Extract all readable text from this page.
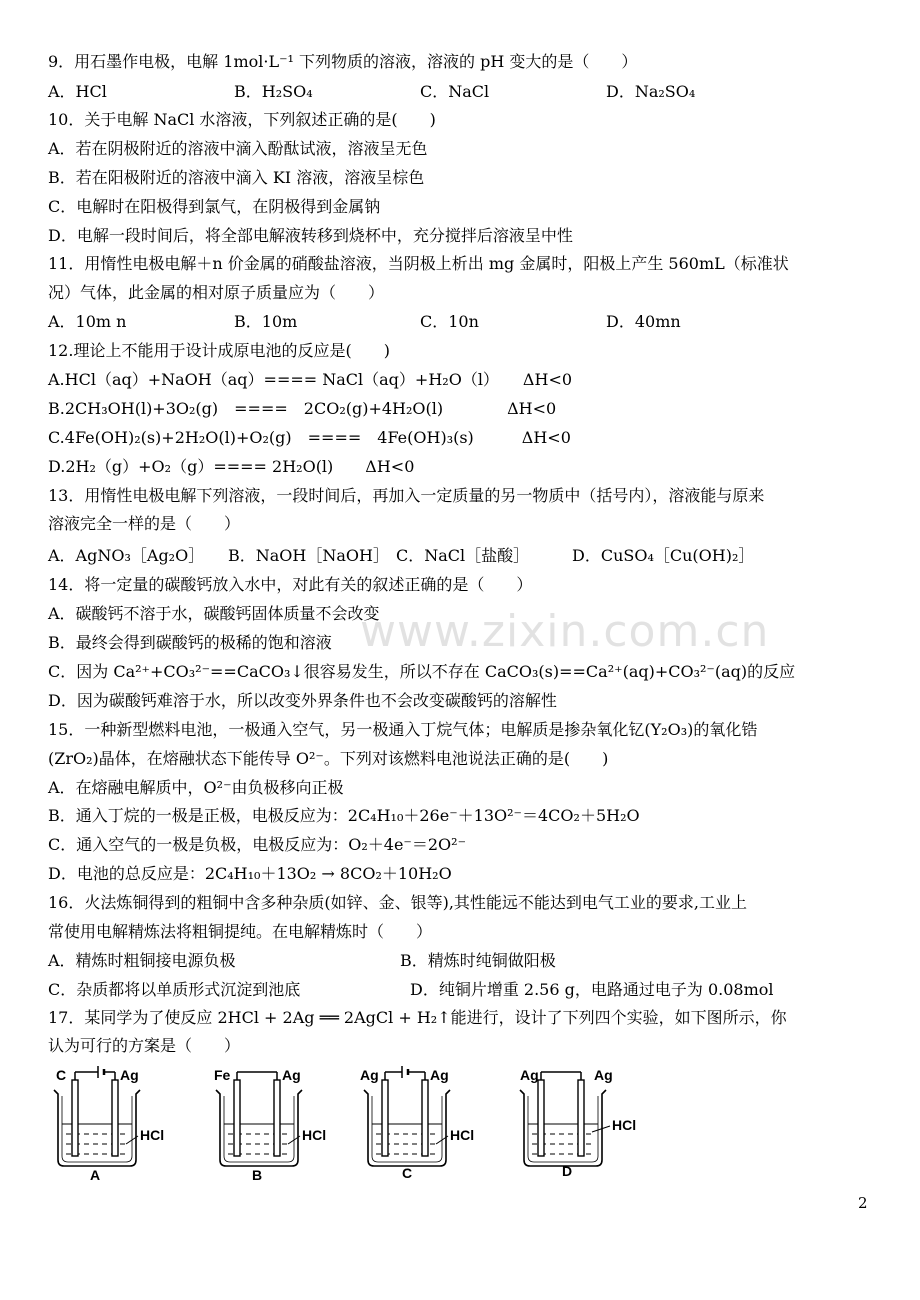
www.zixin.com.cn
9．用石墨作电极，电解 1mol·L⁻¹ 下列物质的溶液，溶液的 pH 变大的是（　　）
A．HCl	B．H₂SO₄	C．NaCl	D．Na₂SO₄
10．关于电解 NaCl 水溶液，下列叙述正确的是(　　)
A．若在阴极附近的溶液中滴入酚酞试液，溶液呈无色
B．若在阳极附近的溶液中滴入 KI 溶液，溶液呈棕色
C．电解时在阳极得到氯气，在阴极得到金属钠
D．电解一段时间后，将全部电解液转移到烧杯中，充分搅拌后溶液呈中性
11．用惰性电极电解＋n 价金属的硝酸盐溶液，当阴极上析出 mg 金属时，阳极上产生 560mL（标准状
况）气体，此金属的相对原子质量应为（　　）
A．10m n	B．10m	C．10n	D．40mn
12.理论上不能用于设计成原电池的反应是(　　)
A.HCl（aq）+NaOH（aq）==== NaCl（aq）+H₂O（l）　　ΔH<0
B.2CH₃OH(l)+3O₂(g)　====　2CO₂(g)+4H₂O(l)　　　　ΔH<0
C.4Fe(OH)₂(s)+2H₂O(l)+O₂(g)　====　4Fe(OH)₃(s)　　　ΔH<0
D.2H₂（g）+O₂（g）==== 2H₂O(l)　　ΔH<0
13．用惰性电极电解下列溶液，一段时间后，再加入一定质量的另一物质中（括号内），溶液能与原来
溶液完全一样的是（　　）
A．AgNO₃［Ag₂O］	B．NaOH［NaOH］ C．NaCl［盐酸］	D．CuSO₄［Cu(OH)₂］
14．将一定量的碳酸钙放入水中，对此有关的叙述正确的是（　　）
A．碳酸钙不溶于水，碳酸钙固体质量不会改变
B．最终会得到碳酸钙的极稀的饱和溶液
C．因为 Ca²⁺+CO₃²⁻==CaCO₃↓很容易发生，所以不存在 CaCO₃(s)==Ca²⁺(aq)+CO₃²⁻(aq)的反应
D．因为碳酸钙难溶于水，所以改变外界条件也不会改变碳酸钙的溶解性
15．一种新型燃料电池，一极通入空气，另一极通入丁烷气体；电解质是掺杂氧化钇(Y₂O₃)的氧化锆
(ZrO₂)晶体，在熔融状态下能传导 O²⁻。下列对该燃料电池说法正确的是(　　)
A．在熔融电解质中，O²⁻由负极移向正极
B．通入丁烷的一极是正极，电极反应为：2C₄H₁₀＋26e⁻＋13O²⁻＝4CO₂＋5H₂O
C．通入空气的一极是负极，电极反应为：O₂＋4e⁻＝2O²⁻
D．电池的总反应是：2C₄H₁₀＋13O₂ → 8CO₂＋10H₂O
16．火法炼铜得到的粗铜中含多种杂质(如锌、金、银等),其性能远不能达到电气工业的要求,工业上
常使用电解精炼法将粗铜提纯。在电解精炼时（　　）
A．精炼时粗铜接电源负极	B．精炼时纯铜做阳极
C．杂质都将以单质形式沉淀到池底	D．纯铜片增重 2.56 g，电路通过电子为 0.08mol
17．某同学为了使反应 2HCl + 2Ag ══ 2AgCl + H₂↑能进行，设计了下列四个实验，如下图所示，你
认为可行的方案是（　　）
C	Ag
HCl
A
Fe	Ag
HCl
B
Ag	Ag
HCl
C
Ag	Ag
HCl
D
2
